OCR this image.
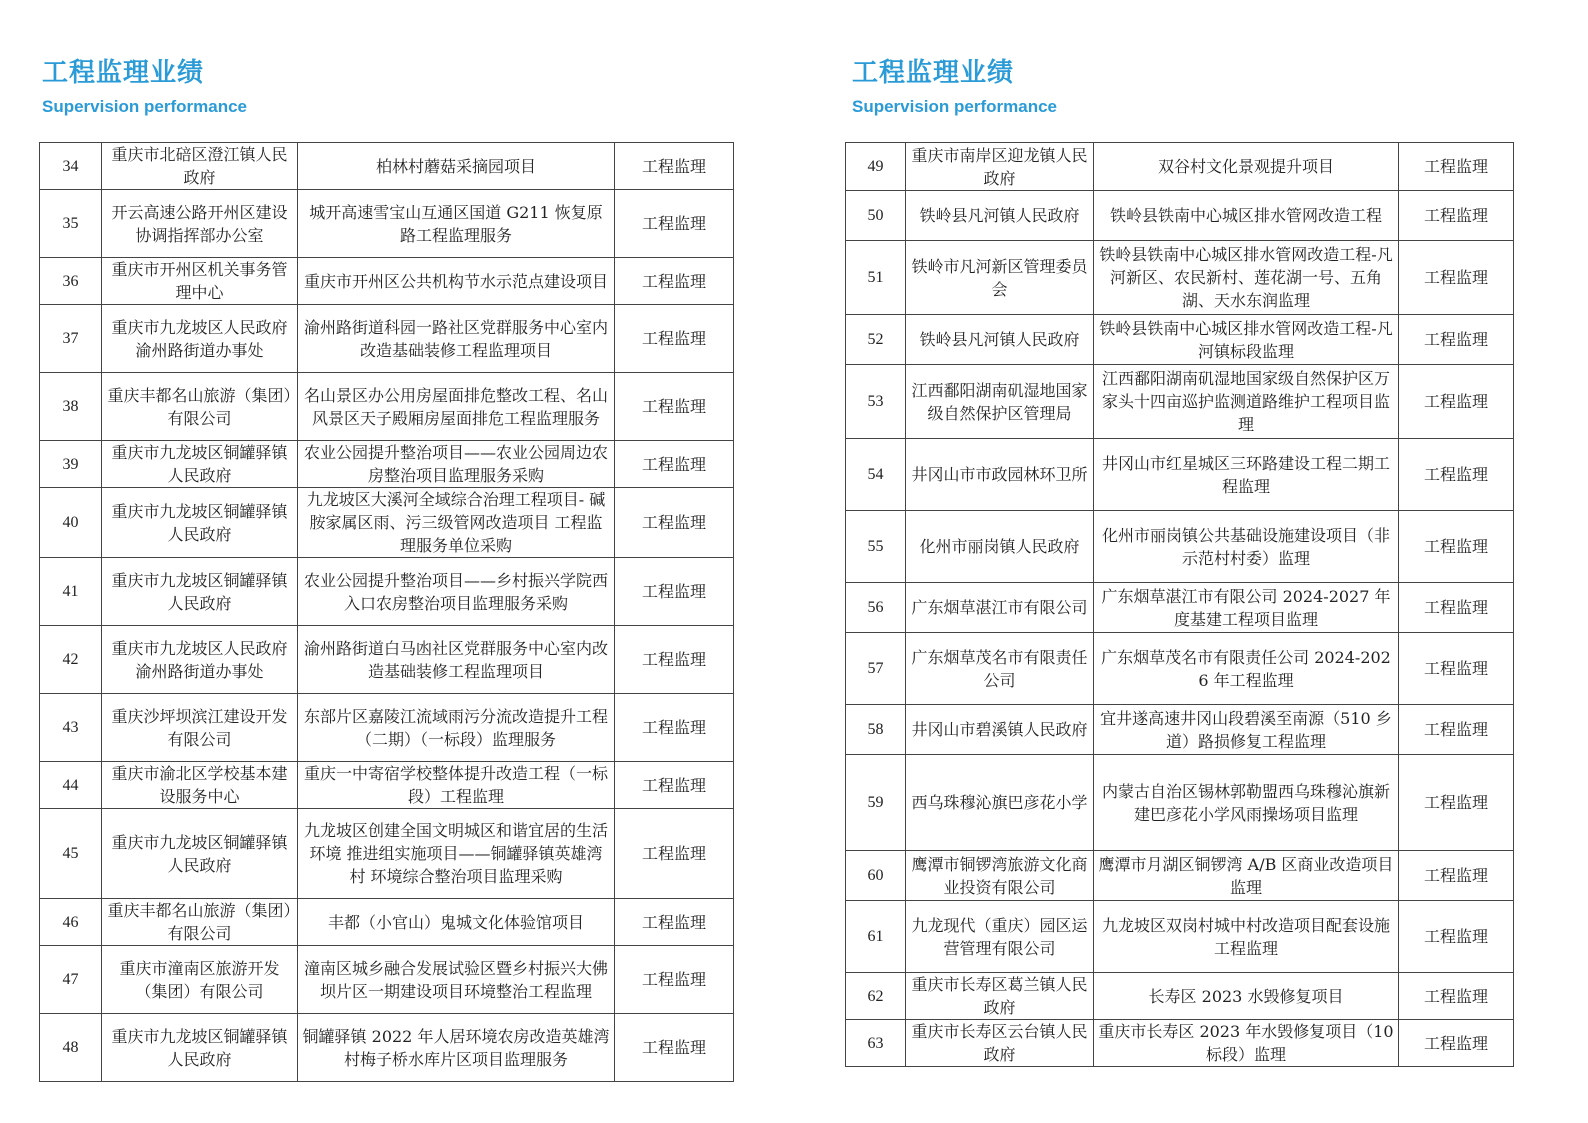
工程监理业绩
Supervision performance
34	重庆市北碚区澄江镇人民政府	柏林村蘑菇采摘园项目	工程监理
35	开云高速公路开州区建设协调指挥部办公室	城开高速雪宝山互通区国道 G211 恢复原路工程监理服务	工程监理
36	重庆市开州区机关事务管理中心	重庆市开州区公共机构节水示范点建设项目	工程监理
37	重庆市九龙坡区人民政府渝州路街道办事处	渝州路街道科园一路社区党群服务中心室内改造基础装修工程监理项目	工程监理
38	重庆丰都名山旅游（集团）有限公司	名山景区办公用房屋面排危整改工程、名山风景区天子殿厢房屋面排危工程监理服务	工程监理
39	重庆市九龙坡区铜罐驿镇人民政府	农业公园提升整治项目——农业公园周边农房整治项目监理服务采购	工程监理
40	重庆市九龙坡区铜罐驿镇人民政府	九龙坡区大溪河全域综合治理工程项目- 碱胺家属区雨、污三级管网改造项目 工程监理服务单位采购	工程监理
41	重庆市九龙坡区铜罐驿镇人民政府	农业公园提升整治项目——乡村振兴学院西入口农房整治项目监理服务采购	工程监理
42	重庆市九龙坡区人民政府渝州路街道办事处	渝州路街道白马凼社区党群服务中心室内改造基础装修工程监理项目	工程监理
43	重庆沙坪坝滨江建设开发有限公司	东部片区嘉陵江流域雨污分流改造提升工程（二期）（一标段）监理服务	工程监理
44	重庆市渝北区学校基本建设服务中心	重庆一中寄宿学校整体提升改造工程（一标段）工程监理	工程监理
45	重庆市九龙坡区铜罐驿镇人民政府	九龙坡区创建全国文明城区和谐宜居的生活环境 推进组实施项目——铜罐驿镇英雄湾村 环境综合整治项目监理采购	工程监理
46	重庆丰都名山旅游（集团）有限公司	丰都（小官山）鬼城文化体验馆项目	工程监理
47	重庆市潼南区旅游开发（集团）有限公司	潼南区城乡融合发展试验区暨乡村振兴大佛坝片区一期建设项目环境整治工程监理	工程监理
48	重庆市九龙坡区铜罐驿镇人民政府	铜罐驿镇 2022 年人居环境农房改造英雄湾村梅子桥水库片区项目监理服务	工程监理
工程监理业绩
Supervision performance
49	重庆市南岸区迎龙镇人民政府	双谷村文化景观提升项目	工程监理
50	铁岭县凡河镇人民政府	铁岭县铁南中心城区排水管网改造工程	工程监理
51	铁岭市凡河新区管理委员会	铁岭县铁南中心城区排水管网改造工程-凡河新区、农民新村、莲花湖一号、五角湖、天水东润监理	工程监理
52	铁岭县凡河镇人民政府	铁岭县铁南中心城区排水管网改造工程-凡河镇标段监理	工程监理
53	江西鄱阳湖南矶湿地国家级自然保护区管理局	江西鄱阳湖南矶湿地国家级自然保护区万家头十四亩巡护监测道路维护工程项目监理	工程监理
54	井冈山市市政园林环卫所	井冈山市红星城区三环路建设工程二期工程监理	工程监理
55	化州市丽岗镇人民政府	化州市丽岗镇公共基础设施建设项目（非示范村村委）监理	工程监理
56	广东烟草湛江市有限公司	广东烟草湛江市有限公司 2024-2027 年度基建工程项目监理	工程监理
57	广东烟草茂名市有限责任公司	广东烟草茂名市有限责任公司 2024-2026 年工程监理	工程监理
58	井冈山市碧溪镇人民政府	宜井遂高速井冈山段碧溪至南源（510 乡道）路损修复工程监理	工程监理
59	西乌珠穆沁旗巴彦花小学	内蒙古自治区锡林郭勒盟西乌珠穆沁旗新建巴彦花小学风雨操场项目监理	工程监理
60	鹰潭市铜锣湾旅游文化商业投资有限公司	鹰潭市月湖区铜锣湾 A/B 区商业改造项目监理	工程监理
61	九龙现代（重庆）园区运营管理有限公司	九龙坡区双岗村城中村改造项目配套设施工程监理	工程监理
62	重庆市长寿区葛兰镇人民政府	长寿区 2023 水毁修复项目	工程监理
63	重庆市长寿区云台镇人民政府	重庆市长寿区 2023 年水毁修复项目（10 标段）监理	工程监理
